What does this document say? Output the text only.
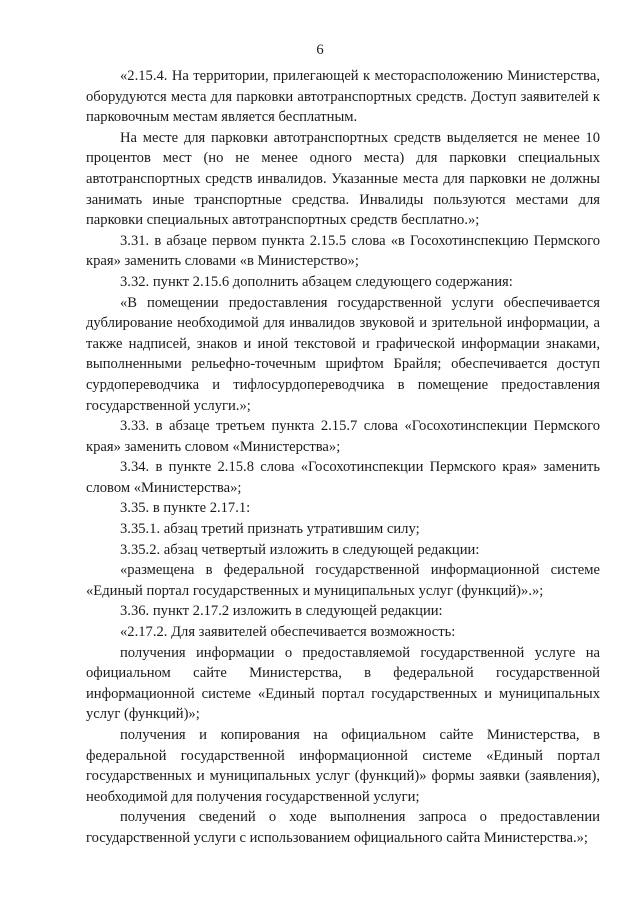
6

«2.15.4. На территории, прилегающей к месторасположению Министерства, оборудуются места для парковки автотранспортных средств. Доступ заявителей к парковочным местам является бесплатным.

На месте для парковки автотранспортных средств выделяется не менее 10 процентов мест (но не менее одного места) для парковки специальных автотранспортных средств инвалидов. Указанные места для парковки не должны занимать иные транспортные средства. Инвалиды пользуются местами для парковки специальных автотранспортных средств бесплатно.»;

3.31. в абзаце первом пункта 2.15.5 слова «в Госохотинспекцию Пермского края» заменить словами «в Министерство»;

3.32. пункт 2.15.6 дополнить абзацем следующего содержания:

«В помещении предоставления государственной услуги обеспечивается дублирование необходимой для инвалидов звуковой и зрительной информации, а также надписей, знаков и иной текстовой и графической информации знаками, выполненными рельефно-точечным шрифтом Брайля; обеспечивается доступ сурдопереводчика и тифлосурдопереводчика в помещение предоставления государственной услуги.»;

3.33. в абзаце третьем пункта 2.15.7 слова «Госохотинспекции Пермского края» заменить словом «Министерства»;

3.34. в пункте 2.15.8 слова «Госохотинспекции Пермского края» заменить словом «Министерства»;

3.35. в пункте 2.17.1:

3.35.1. абзац третий признать утратившим силу;

3.35.2. абзац четвертый изложить в следующей редакции:

«размещена в федеральной государственной информационной системе «Единый портал государственных и муниципальных услуг (функций)».»;

3.36. пункт 2.17.2 изложить в следующей редакции:

«2.17.2. Для заявителей обеспечивается возможность:

получения информации о предоставляемой государственной услуге на официальном сайте Министерства, в федеральной государственной информационной системе «Единый портал государственных и муниципальных услуг (функций)»;

получения и копирования на официальном сайте Министерства, в федеральной государственной информационной системе «Единый портал государственных и муниципальных услуг (функций)» формы заявки (заявления), необходимой для получения государственной услуги;

получения сведений о ходе выполнения запроса о предоставлении государственной услуги с использованием официального сайта Министерства.»;
